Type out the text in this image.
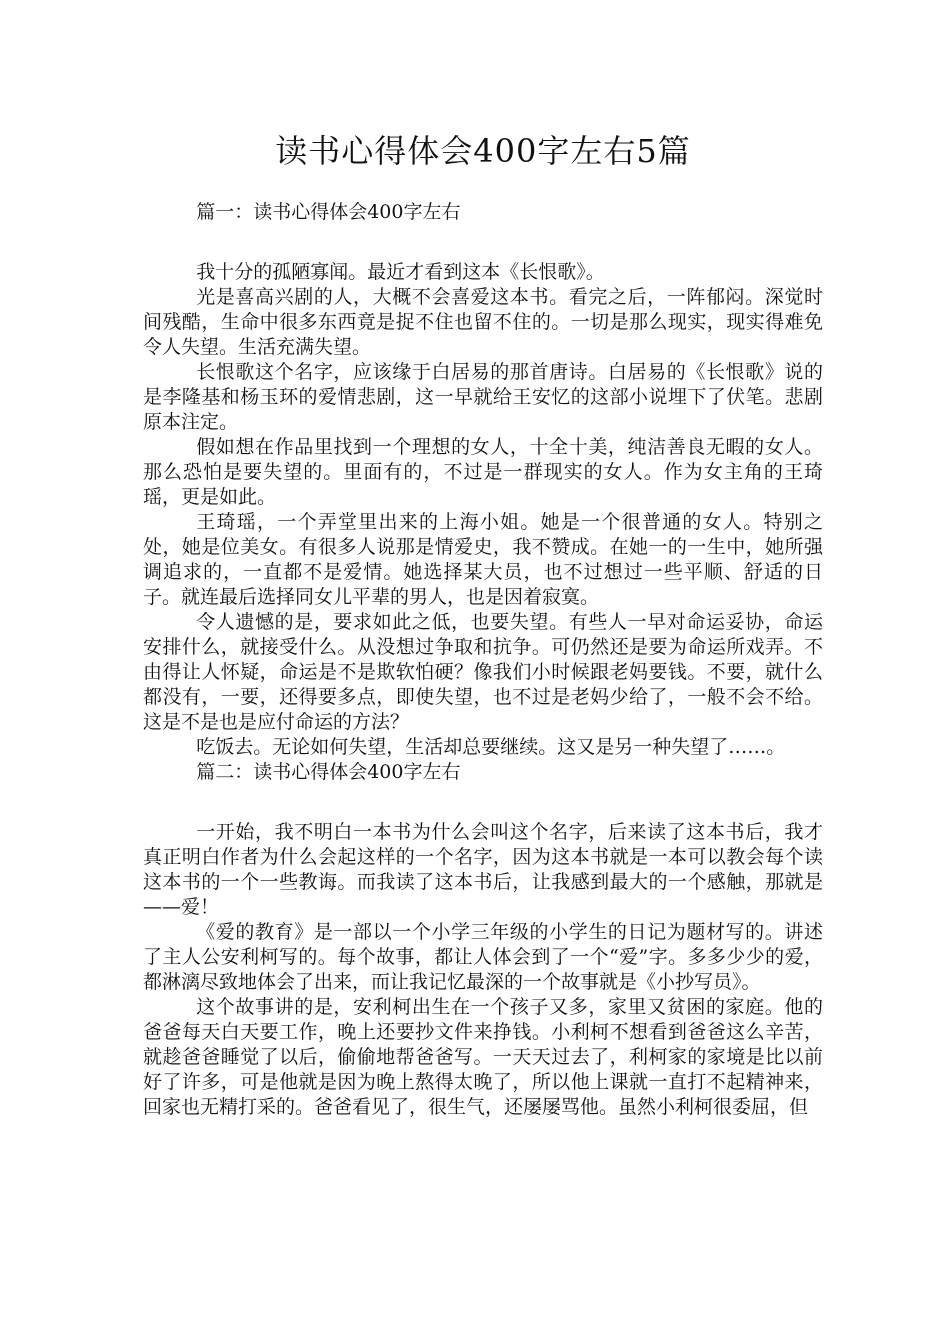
读书心得体会400字左右5篇

篇一：读书心得体会400字左右

我十分的孤陋寡闻。最近才看到这本《长恨歌》。

光是喜高兴剧的人，大概不会喜爱这本书。看完之后，一阵郁闷。深觉时间残酷，生命中很多东西竟是捉不住也留不住的。一切是那么现实，现实得难免令人失望。生活充满失望。

长恨歌这个名字，应该缘于白居易的那首唐诗。白居易的《长恨歌》说的是李隆基和杨玉环的爱情悲剧，这一早就给王安忆的这部小说埋下了伏笔。悲剧原本注定。

假如想在作品里找到一个理想的女人，十全十美，纯洁善良无暇的女人。那么恐怕是要失望的。里面有的，不过是一群现实的女人。作为女主角的王琦瑶，更是如此。

王琦瑶，一个弄堂里出来的上海小姐。她是一个很普通的女人。特别之处，她是位美女。有很多人说那是情爱史，我不赞成。在她一的一生中，她所强调追求的，一直都不是爱情。她选择某大员，也不过想过一些平顺、舒适的日子。就连最后选择同女儿平辈的男人，也是因着寂寞。

令人遗憾的是，要求如此之低，也要失望。有些人一早对命运妥协，命运安排什么，就接受什么。从没想过争取和抗争。可仍然还是要为命运所戏弄。不由得让人怀疑，命运是不是欺软怕硬？像我们小时候跟老妈要钱。不要，就什么都没有，一要，还得要多点，即使失望，也不过是老妈少给了，一般不会不给。这是不是也是应付命运的方法？

吃饭去。无论如何失望，生活却总要继续。这又是另一种失望了……。

篇二：读书心得体会400字左右

一开始，我不明白一本书为什么会叫这个名字，后来读了这本书后，我才真正明白作者为什么会起这样的一个名字，因为这本书就是一本可以教会每个读这本书的一个一些教诲。而我读了这本书后，让我感到最大的一个感触，那就是——爱！

《爱的教育》是一部以一个小学三年级的小学生的日记为题材写的。讲述了主人公安利柯写的。每个故事，都让人体会到了一个“爱”字。多多少少的爱，都淋漓尽致地体会了出来，而让我记忆最深的一个故事就是《小抄写员》。

这个故事讲的是，安利柯出生在一个孩子又多，家里又贫困的家庭。他的爸爸每天白天要工作，晚上还要抄文件来挣钱。小利柯不想看到爸爸这么辛苦，就趁爸爸睡觉了以后，偷偷地帮爸爸写。一天天过去了，利柯家的家境是比以前好了许多，可是他就是因为晚上熬得太晚了，所以他上课就一直打不起精神来，回家也无精打采的。爸爸看见了，很生气，还屡屡骂他。虽然小利柯很委屈，但
